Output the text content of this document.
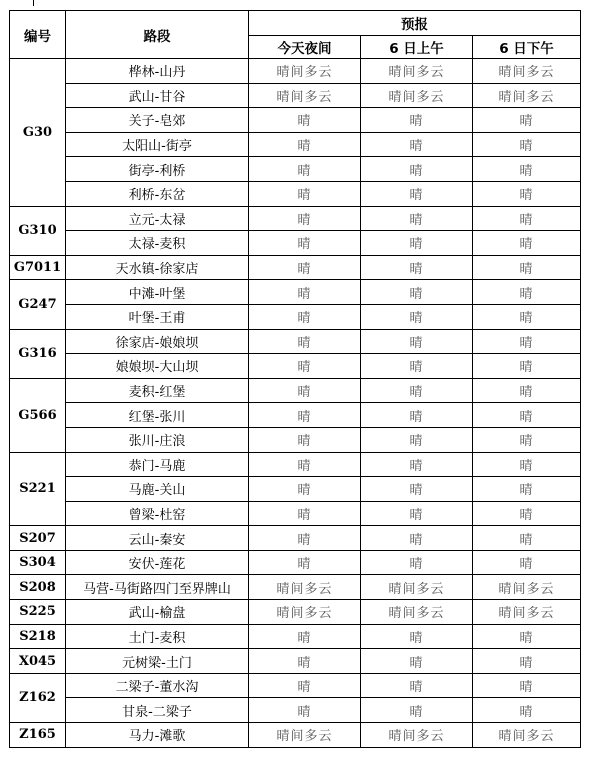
编号	路段	预报		
		今天夜间	6 日上午	6 日下午
G30	桦林-山丹	晴间多云	晴间多云	晴间多云
	武山-甘谷	晴间多云	晴间多云	晴间多云
	关子-皂郊	晴	晴	晴
	太阳山-街亭	晴	晴	晴
	街亭-利桥	晴	晴	晴
	利桥-东岔	晴	晴	晴
G310	立元-太禄	晴	晴	晴
	太禄-麦积	晴	晴	晴
G7011	天水镇-徐家店	晴	晴	晴
G247	中滩-叶堡	晴	晴	晴
	叶堡-王甫	晴	晴	晴
G316	徐家店-娘娘坝	晴	晴	晴
	娘娘坝-大山坝	晴	晴	晴
G566	麦积-红堡	晴	晴	晴
	红堡-张川	晴	晴	晴
	张川-庄浪	晴	晴	晴
S221	恭门-马鹿	晴	晴	晴
	马鹿-关山	晴	晴	晴
	曾梁-杜窑	晴	晴	晴
S207	云山-秦安	晴	晴	晴
S304	安伏-莲花	晴	晴	晴
S208	马营-马街路四门至界牌山	晴间多云	晴间多云	晴间多云
S225	武山-榆盘	晴间多云	晴间多云	晴间多云
S218	土门-麦积	晴	晴	晴
X045	元树梁-土门	晴	晴	晴
Z162	二梁子-董水沟	晴	晴	晴
	甘泉-二梁子	晴	晴	晴
Z165	马力-滩歌	晴间多云	晴间多云	晴间多云
